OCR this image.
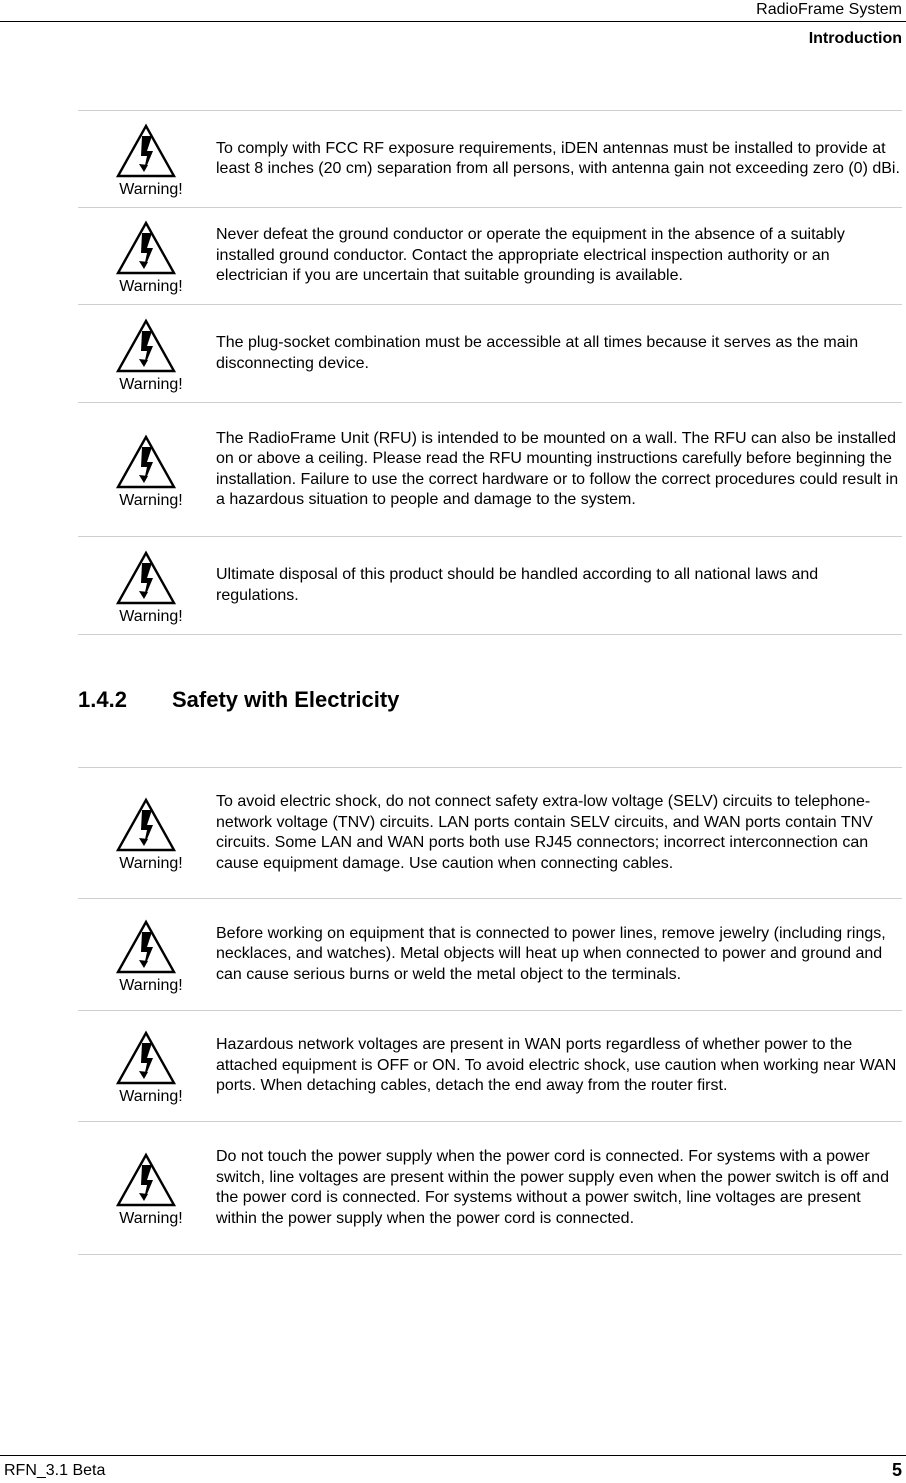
RadioFrame System
Introduction
Warning!
To comply with FCC RF exposure requirements, iDEN antennas must be installed to provide at least 8 inches (20 cm) separation from all persons, with antenna gain not exceeding zero (0) dBi.
Warning!
Never defeat the ground conductor or operate the equipment in the absence of a suitably installed ground conductor. Contact the appropriate electrical inspection authority or an electrician if you are uncertain that suitable grounding is available.
Warning!
The plug-socket combination must be accessible at all times because it serves as the main disconnecting device.
Warning!
The RadioFrame Unit (RFU) is intended to be mounted on a wall. The RFU can also be installed on or above a ceiling. Please read the RFU mounting instructions carefully before beginning the installation. Failure to use the correct hardware or to follow the correct procedures could result in a hazardous situation to people and damage to the system.
Warning!
Ultimate disposal of this product should be handled according to all national laws and regulations.
1.4.2 Safety with Electricity
Warning!
To avoid electric shock, do not connect safety extra-low voltage (SELV) circuits to telephone-network voltage (TNV) circuits. LAN ports contain SELV circuits, and WAN ports contain TNV circuits. Some LAN and WAN ports both use RJ45 connectors; incorrect interconnection can cause equipment damage. Use caution when connecting cables.
Warning!
Before working on equipment that is connected to power lines, remove jewelry (including rings, necklaces, and watches). Metal objects will heat up when connected to power and ground and can cause serious burns or weld the metal object to the terminals.
Warning!
Hazardous network voltages are present in WAN ports regardless of whether power to the attached equipment is OFF or ON. To avoid electric shock, use caution when working near WAN ports. When detaching cables, detach the end away from the router first.
Warning!
Do not touch the power supply when the power cord is connected. For systems with a power switch, line voltages are present within the power supply even when the power switch is off and the power cord is connected. For systems without a power switch, line voltages are present within the power supply when the power cord is connected.
RFN_3.1 Beta	5
